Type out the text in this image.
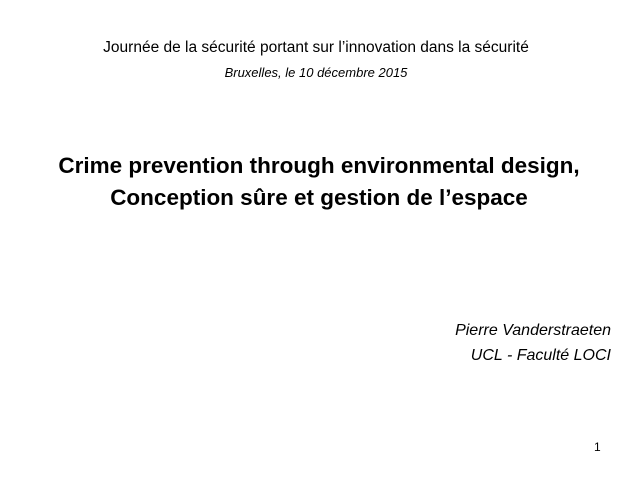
Journée de la sécurité portant sur l’innovation dans la sécurité
Bruxelles, le 10 décembre 2015
Crime prevention through environmental design,
Conception sûre et gestion de l’espace
Pierre Vanderstraeten
UCL - Faculté LOCI
1
